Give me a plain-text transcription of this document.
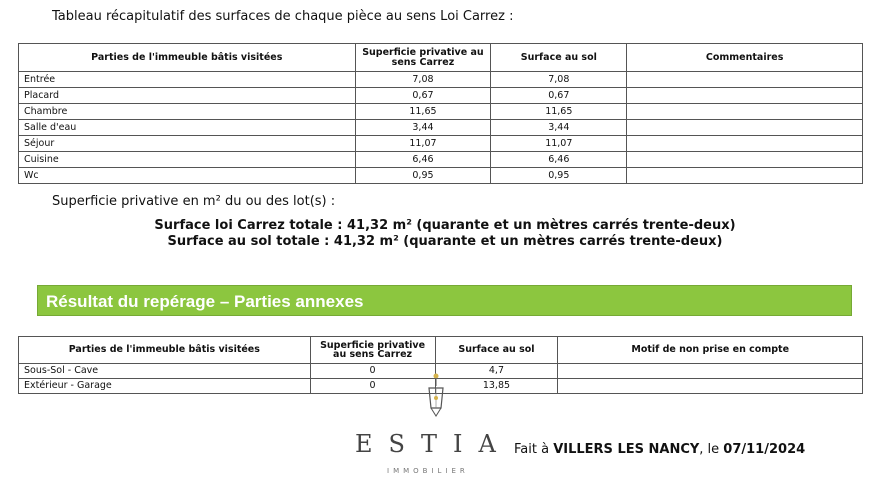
Tableau récapitulatif des surfaces de chaque pièce au sens Loi Carrez :
Parties de l'immeuble bâtis visitées	Superficie privative au sens Carrez	Surface au sol	Commentaires
Entrée	7,08	7,08	
Placard	0,67	0,67	
Chambre	11,65	11,65	
Salle d'eau	3,44	3,44	
Séjour	11,07	11,07	
Cuisine	6,46	6,46	
Wc	0,95	0,95	
Superficie privative en m² du ou des lot(s) :
Surface loi Carrez totale : 41,32 m² (quarante et un mètres carrés trente-deux)
Surface au sol totale : 41,32 m² (quarante et un mètres carrés trente-deux)
Résultat du repérage – Parties annexes
Parties de l'immeuble bâtis visitées	Superficie privative au sens Carrez	Surface au sol	Motif de non prise en compte
Sous-Sol - Cave	0	4,7	
Extérieur - Garage	0	13,85	
ESTIA
IMMOBILIER
Fait à VILLERS LES NANCY, le 07/11/2024
